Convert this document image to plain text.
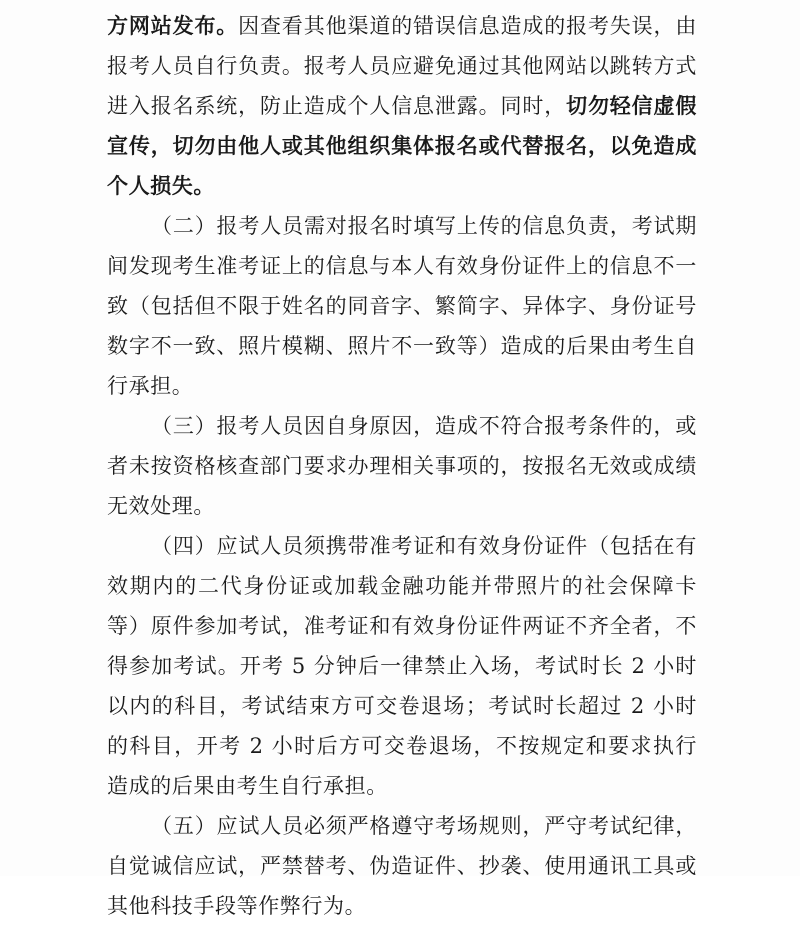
方网站发布。因查看其他渠道的错误信息造成的报考失误，由报考人员自行负责。报考人员应避免通过其他网站以跳转方式进入报名系统，防止造成个人信息泄露。同时，切勿轻信虚假宣传，切勿由他人或其他组织集体报名或代替报名，以免造成个人损失。

（二）报考人员需对报名时填写上传的信息负责，考试期间发现考生准考证上的信息与本人有效身份证件上的信息不一致（包括但不限于姓名的同音字、繁简字、异体字、身份证号数字不一致、照片模糊、照片不一致等）造成的后果由考生自行承担。

（三）报考人员因自身原因，造成不符合报考条件的，或者未按资格核查部门要求办理相关事项的，按报名无效或成绩无效处理。

（四）应试人员须携带准考证和有效身份证件（包括在有效期内的二代身份证或加载金融功能并带照片的社会保障卡等）原件参加考试，准考证和有效身份证件两证不齐全者，不得参加考试。开考 5 分钟后一律禁止入场，考试时长 2 小时以内的科目，考试结束方可交卷退场；考试时长超过 2 小时的科目，开考 2 小时后方可交卷退场，不按规定和要求执行造成的后果由考生自行承担。

（五）应试人员必须严格遵守考场规则，严守考试纪律，自觉诚信应试，严禁替考、伪造证件、抄袭、使用通讯工具或其他科技手段等作弊行为。
